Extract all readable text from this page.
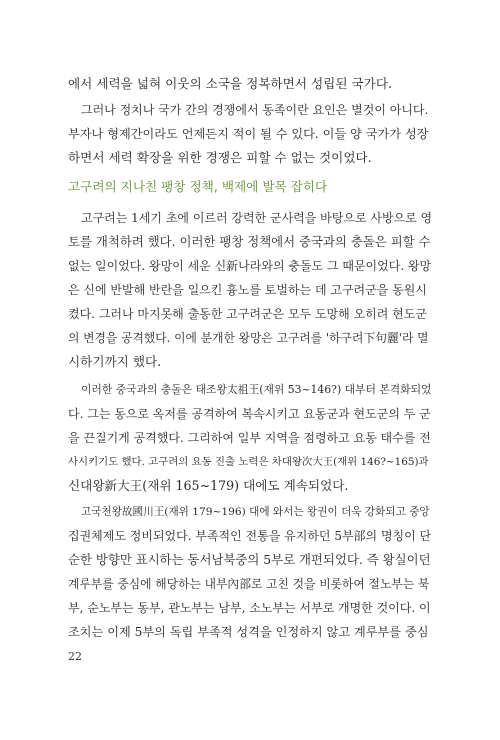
에서 세력을 넓혀 이웃의 소국을 정복하면서 성립된 국가다.

그러나 정치나 국가 간의 경쟁에서 동족이란 요인은 별것이 아니다.
부자나 형제간이라도 언제든지 적이 될 수 있다. 이들 양 국가가 성장
하면서 세력 확장을 위한 경쟁은 피할 수 없는 것이었다.

고구려의 지나친 팽창 정책, 백제에 발목 잡히다

고구려는 1세기 초에 이르러 강력한 군사력을 바탕으로 사방으로 영
토를 개척하려 했다. 이러한 팽창 정책에서 중국과의 충돌은 피할 수
없는 일이었다. 왕망이 세운 신新나라와의 충돌도 그 때문이었다. 왕망
은 신에 반발해 반란을 일으킨 흉노를 토벌하는 데 고구려군을 동원시
켰다. 그러나 마지못해 출동한 고구려군은 모두 도망해 오히려 현도군
의 변경을 공격했다. 이에 분개한 왕망은 고구려를 '하구려下句麗'라 멸
시하기까지 했다.

이러한 중국과의 충돌은 태조왕太祖王(재위 53~146?) 대부터 본격화되었
다. 그는 동으로 옥저를 공격하여 복속시키고 요동군과 현도군의 두 군
을 끈질기게 공격했다. 그리하여 일부 지역을 점령하고 요동 태수를 전
사시키기도 했다. 고구려의 요동 진출 노력은 차대왕次大王(재위 146?~165)과
신대왕新大王(재위 165~179) 대에도 계속되었다.

고국천왕故國川王(재위 179~196) 대에 와서는 왕권이 더욱 강화되고 중앙
집권체제도 정비되었다. 부족적인 전통을 유지하던 5부部의 명칭이 단
순한 방향만 표시하는 동서남북중의 5부로 개편되었다. 즉 왕실이던
계루부를 중심에 해당하는 내부內部로 고친 것을 비롯하여 절노부는 북
부, 순노부는 동부, 관노부는 남부, 소노부는 서부로 개명한 것이다. 이
조치는 이제 5부의 독립 부족적 성격을 인정하지 않고 계루부를 중심

22
